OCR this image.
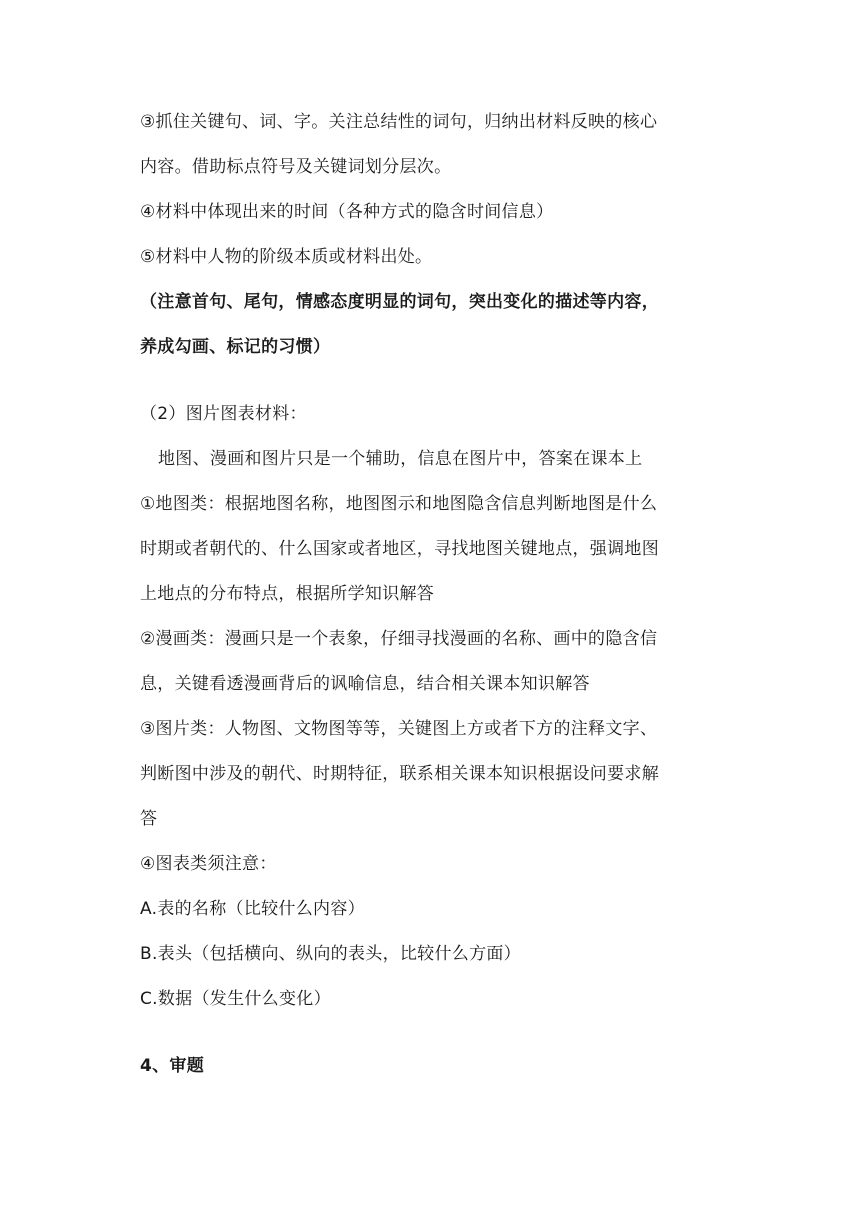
③抓住关键句、词、字。关注总结性的词句，归纳出材料反映的核心
内容。借助标点符号及关键词划分层次。
④材料中体现出来的时间（各种方式的隐含时间信息）
⑤材料中人物的阶级本质或材料出处。
（注意首句、尾句，情感态度明显的词句，突出变化的描述等内容，
养成勾画、标记的习惯）
（2）图片图表材料：
地图、漫画和图片只是一个辅助，信息在图片中，答案在课本上
①地图类：根据地图名称，地图图示和地图隐含信息判断地图是什么
时期或者朝代的、什么国家或者地区，寻找地图关键地点，强调地图
上地点的分布特点，根据所学知识解答
②漫画类：漫画只是一个表象，仔细寻找漫画的名称、画中的隐含信
息，关键看透漫画背后的讽喻信息，结合相关课本知识解答
③图片类：人物图、文物图等等，关键图上方或者下方的注释文字、
判断图中涉及的朝代、时期特征，联系相关课本知识根据设问要求解
答
④图表类须注意：
A.表的名称（比较什么内容）
B.表头（包括横向、纵向的表头，比较什么方面）
C.数据（发生什么变化）
4、审题
